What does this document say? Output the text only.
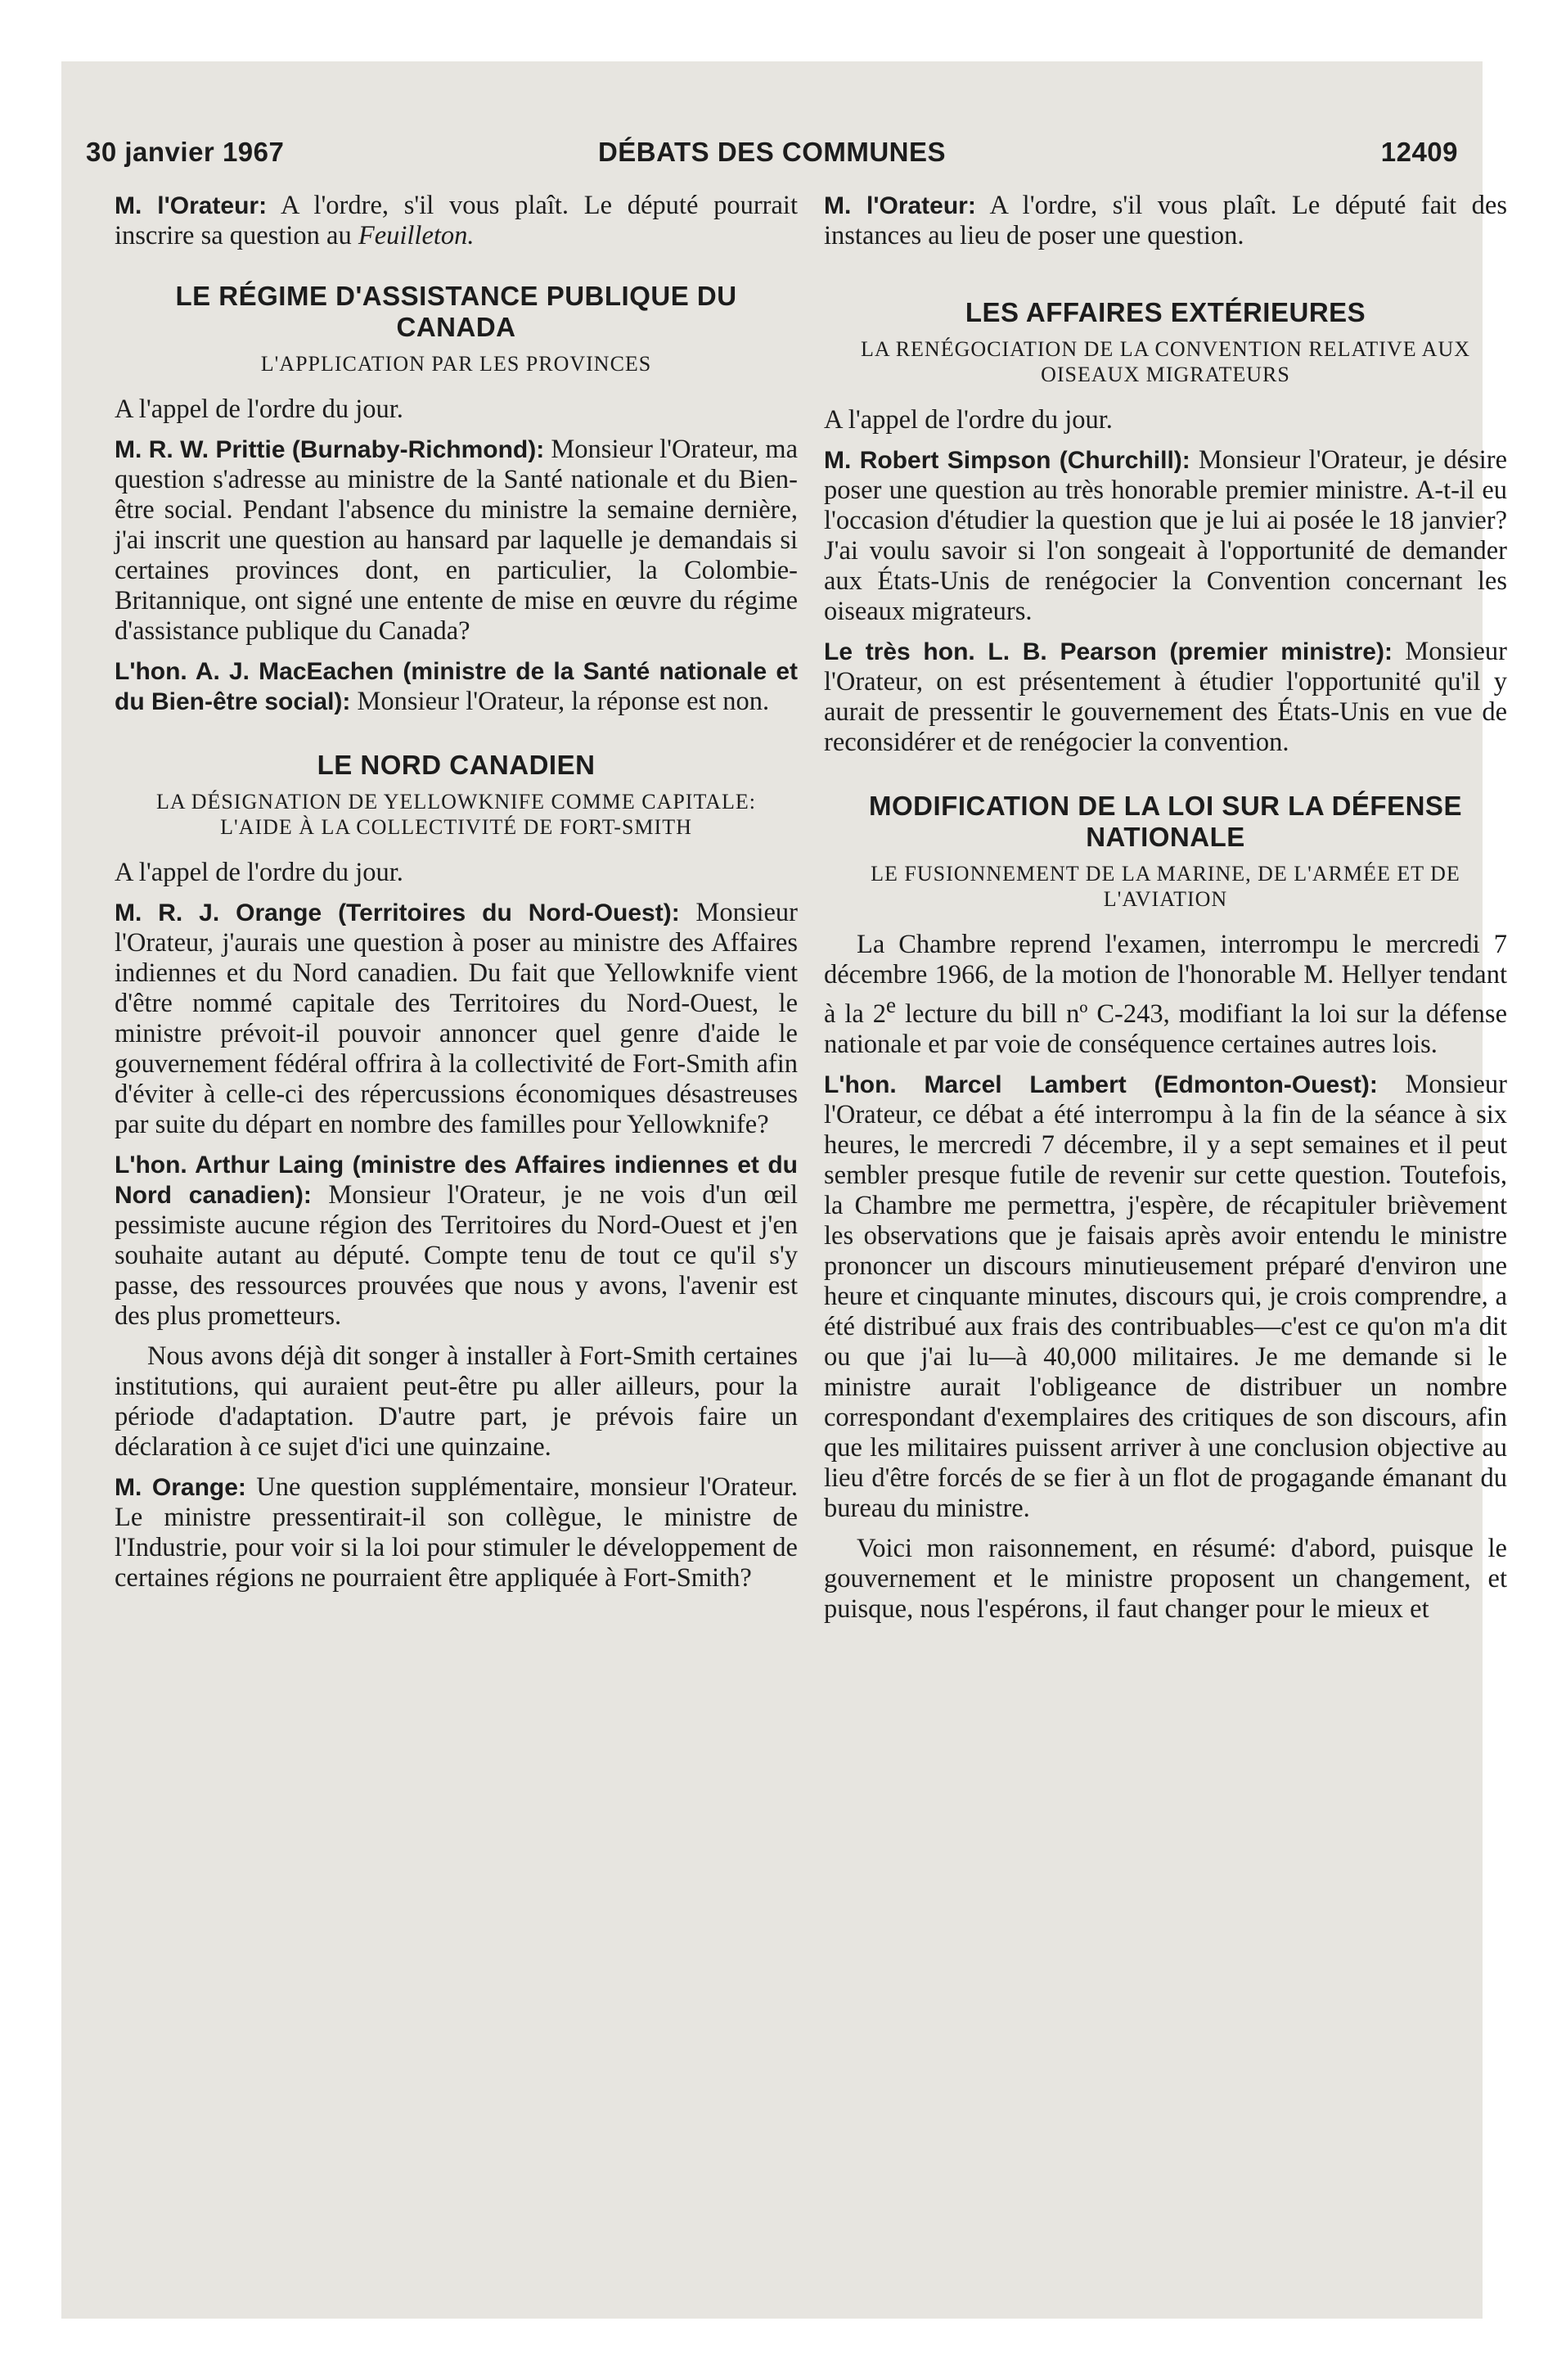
30 janvier 1967	DÉBATS DES COMMUNES	12409

M. l'Orateur: A l'ordre, s'il vous plaît. Le député pourrait inscrire sa question au Feuilleton.

LE RÉGIME D'ASSISTANCE PUBLIQUE DU CANADA
L'APPLICATION PAR LES PROVINCES

A l'appel de l'ordre du jour.

M. R. W. Prittie (Burnaby-Richmond): Monsieur l'Orateur, ma question s'adresse au ministre de la Santé nationale et du Bien-être social. Pendant l'absence du ministre la semaine dernière, j'ai inscrit une question au hansard par laquelle je demandais si certaines provinces dont, en particulier, la Colombie-Britannique, ont signé une entente de mise en œuvre du régime d'assistance publique du Canada?

L'hon. A. J. MacEachen (ministre de la Santé nationale et du Bien-être social): Monsieur l'Orateur, la réponse est non.

LE NORD CANADIEN
LA DÉSIGNATION DE YELLOWKNIFE COMME CAPITALE: L'AIDE À LA COLLECTIVITÉ DE FORT-SMITH

A l'appel de l'ordre du jour.

M. R. J. Orange (Territoires du Nord-Ouest): Monsieur l'Orateur, j'aurais une question à poser au ministre des Affaires indiennes et du Nord canadien. Du fait que Yellowknife vient d'être nommé capitale des Territoires du Nord-Ouest, le ministre prévoit-il pouvoir annoncer quel genre d'aide le gouvernement fédéral offrira à la collectivité de Fort-Smith afin d'éviter à celle-ci des répercussions économiques désastreuses par suite du départ en nombre des familles pour Yellowknife?

L'hon. Arthur Laing (ministre des Affaires indiennes et du Nord canadien): Monsieur l'Orateur, je ne vois d'un œil pessimiste aucune région des Territoires du Nord-Ouest et j'en souhaite autant au député. Compte tenu de tout ce qu'il s'y passe, des ressources prouvées que nous y avons, l'avenir est des plus prometteurs.

Nous avons déjà dit songer à installer à Fort-Smith certaines institutions, qui auraient peut-être pu aller ailleurs, pour la période d'adaptation. D'autre part, je prévois faire un déclaration à ce sujet d'ici une quinzaine.

M. Orange: Une question supplémentaire, monsieur l'Orateur. Le ministre pressentirait-il son collègue, le ministre de l'Industrie, pour voir si la loi pour stimuler le développement de certaines régions ne pourraient être appliquée à Fort-Smith?

M. l'Orateur: A l'ordre, s'il vous plaît. Le député fait des instances au lieu de poser une question.

LES AFFAIRES EXTÉRIEURES
LA RENÉGOCIATION DE LA CONVENTION RELATIVE AUX OISEAUX MIGRATEURS

A l'appel de l'ordre du jour.

M. Robert Simpson (Churchill): Monsieur l'Orateur, je désire poser une question au très honorable premier ministre. A-t-il eu l'occasion d'étudier la question que je lui ai posée le 18 janvier? J'ai voulu savoir si l'on songeait à l'opportunité de demander aux États-Unis de renégocier la Convention concernant les oiseaux migrateurs.

Le très hon. L. B. Pearson (premier ministre): Monsieur l'Orateur, on est présentement à étudier l'opportunité qu'il y aurait de pressentir le gouvernement des États-Unis en vue de reconsidérer et de renégocier la convention.

MODIFICATION DE LA LOI SUR LA DÉFENSE NATIONALE
LE FUSIONNEMENT DE LA MARINE, DE L'ARMÉE ET DE L'AVIATION

La Chambre reprend l'examen, interrompu le mercredi 7 décembre 1966, de la motion de l'honorable M. Hellyer tendant à la 2e lecture du bill nº C-243, modifiant la loi sur la défense nationale et par voie de conséquence certaines autres lois.

L'hon. Marcel Lambert (Edmonton-Ouest): Monsieur l'Orateur, ce débat a été interrompu à la fin de la séance à six heures, le mercredi 7 décembre, il y a sept semaines et il peut sembler presque futile de revenir sur cette question. Toutefois, la Chambre me permettra, j'espère, de récapituler brièvement les observations que je faisais après avoir entendu le ministre prononcer un discours minutieusement préparé d'environ une heure et cinquante minutes, discours qui, je crois comprendre, a été distribué aux frais des contribuables—c'est ce qu'on m'a dit ou que j'ai lu—à 40,000 militaires. Je me demande si le ministre aurait l'obligeance de distribuer un nombre correspondant d'exemplaires des critiques de son discours, afin que les militaires puissent arriver à une conclusion objective au lieu d'être forcés de se fier à un flot de progagande émanant du bureau du ministre.

Voici mon raisonnement, en résumé: d'abord, puisque le gouvernement et le ministre proposent un changement, et puisque, nous l'espérons, il faut changer pour le mieux et
